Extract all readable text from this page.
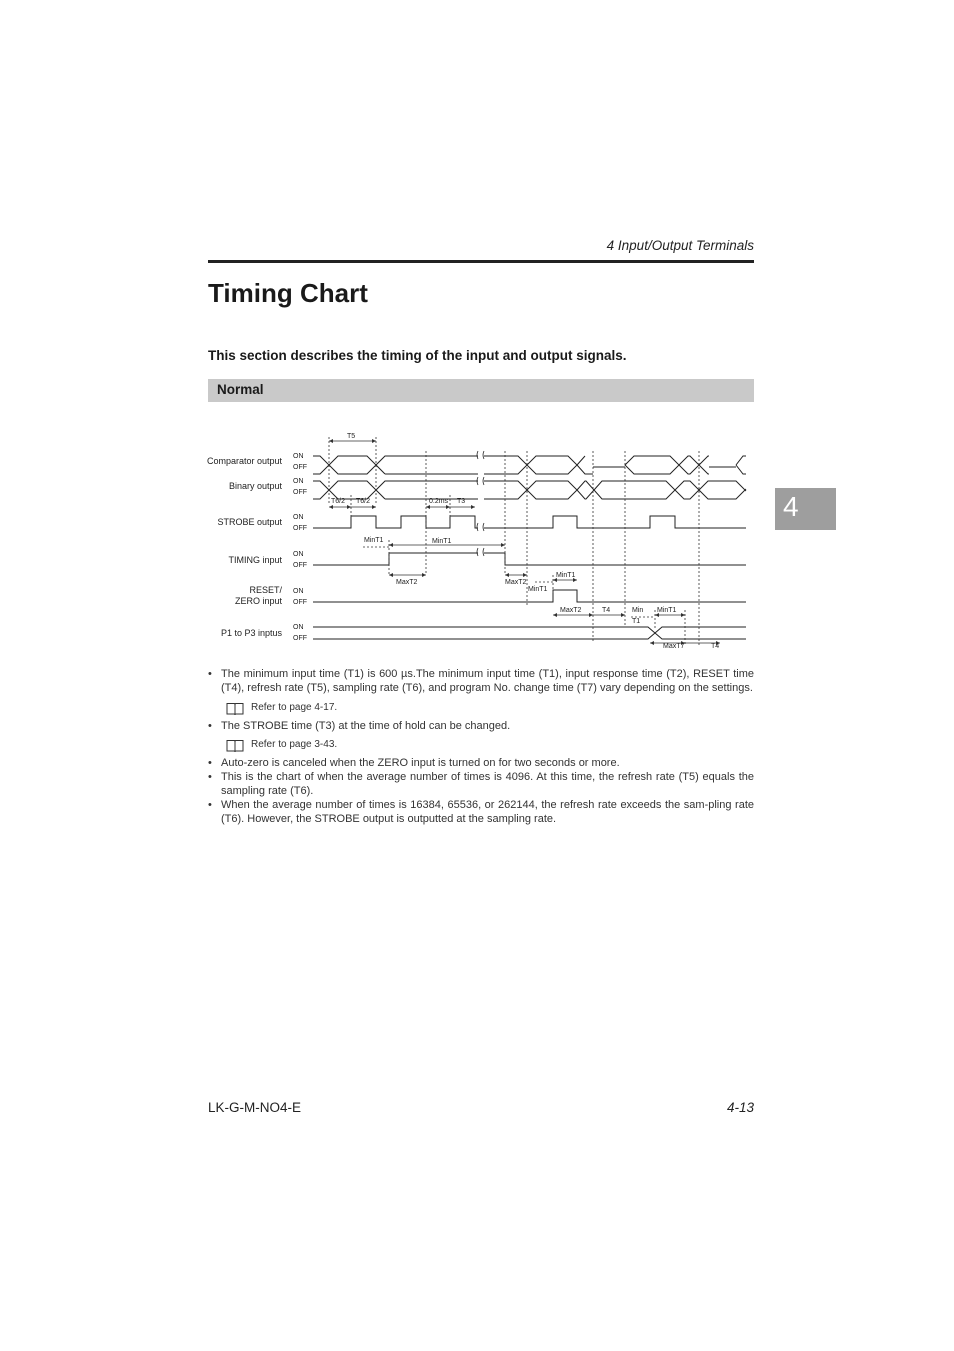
4 Input/Output Terminals
Timing Chart
This section describes the timing of the input and output signals.
Normal
4
Comparator output
Binary output
STROBE output
TIMING input
RESET/
ZERO input
P1 to P3 inptus
ON
OFF
ON
OFF
ON
OFF
ON
OFF
ON
OFF
ON
OFF
T5
T6/2 T6/2	0.2ms T3
MinT1	MinT1
MaxT2	MaxT2
MinT1
MinT1
MaxT2	T4	Min
T1
MinT1
MaxT7	T4
• The minimum input time (T1) is 600 µs.The minimum input time (T1), input response time (T2), RESET time (T4), refresh rate (T5), sampling rate (T6), and program No. change time (T7) vary depending on the settings.
Refer to page 4-17.
• The STROBE time (T3) at the time of hold can be changed.
Refer to page 3-43.
• Auto-zero is canceled when the ZERO input is turned on for two seconds or more.
• This is the chart of when the average number of times is 4096. At this time, the refresh rate (T5) equals the sampling rate (T6).
• When the average number of times is 16384, 65536, or 262144, the refresh rate exceeds the sam-pling rate (T6). However, the STROBE output is outputted at the sampling rate.
LK-G-M-NO4-E	4-13
